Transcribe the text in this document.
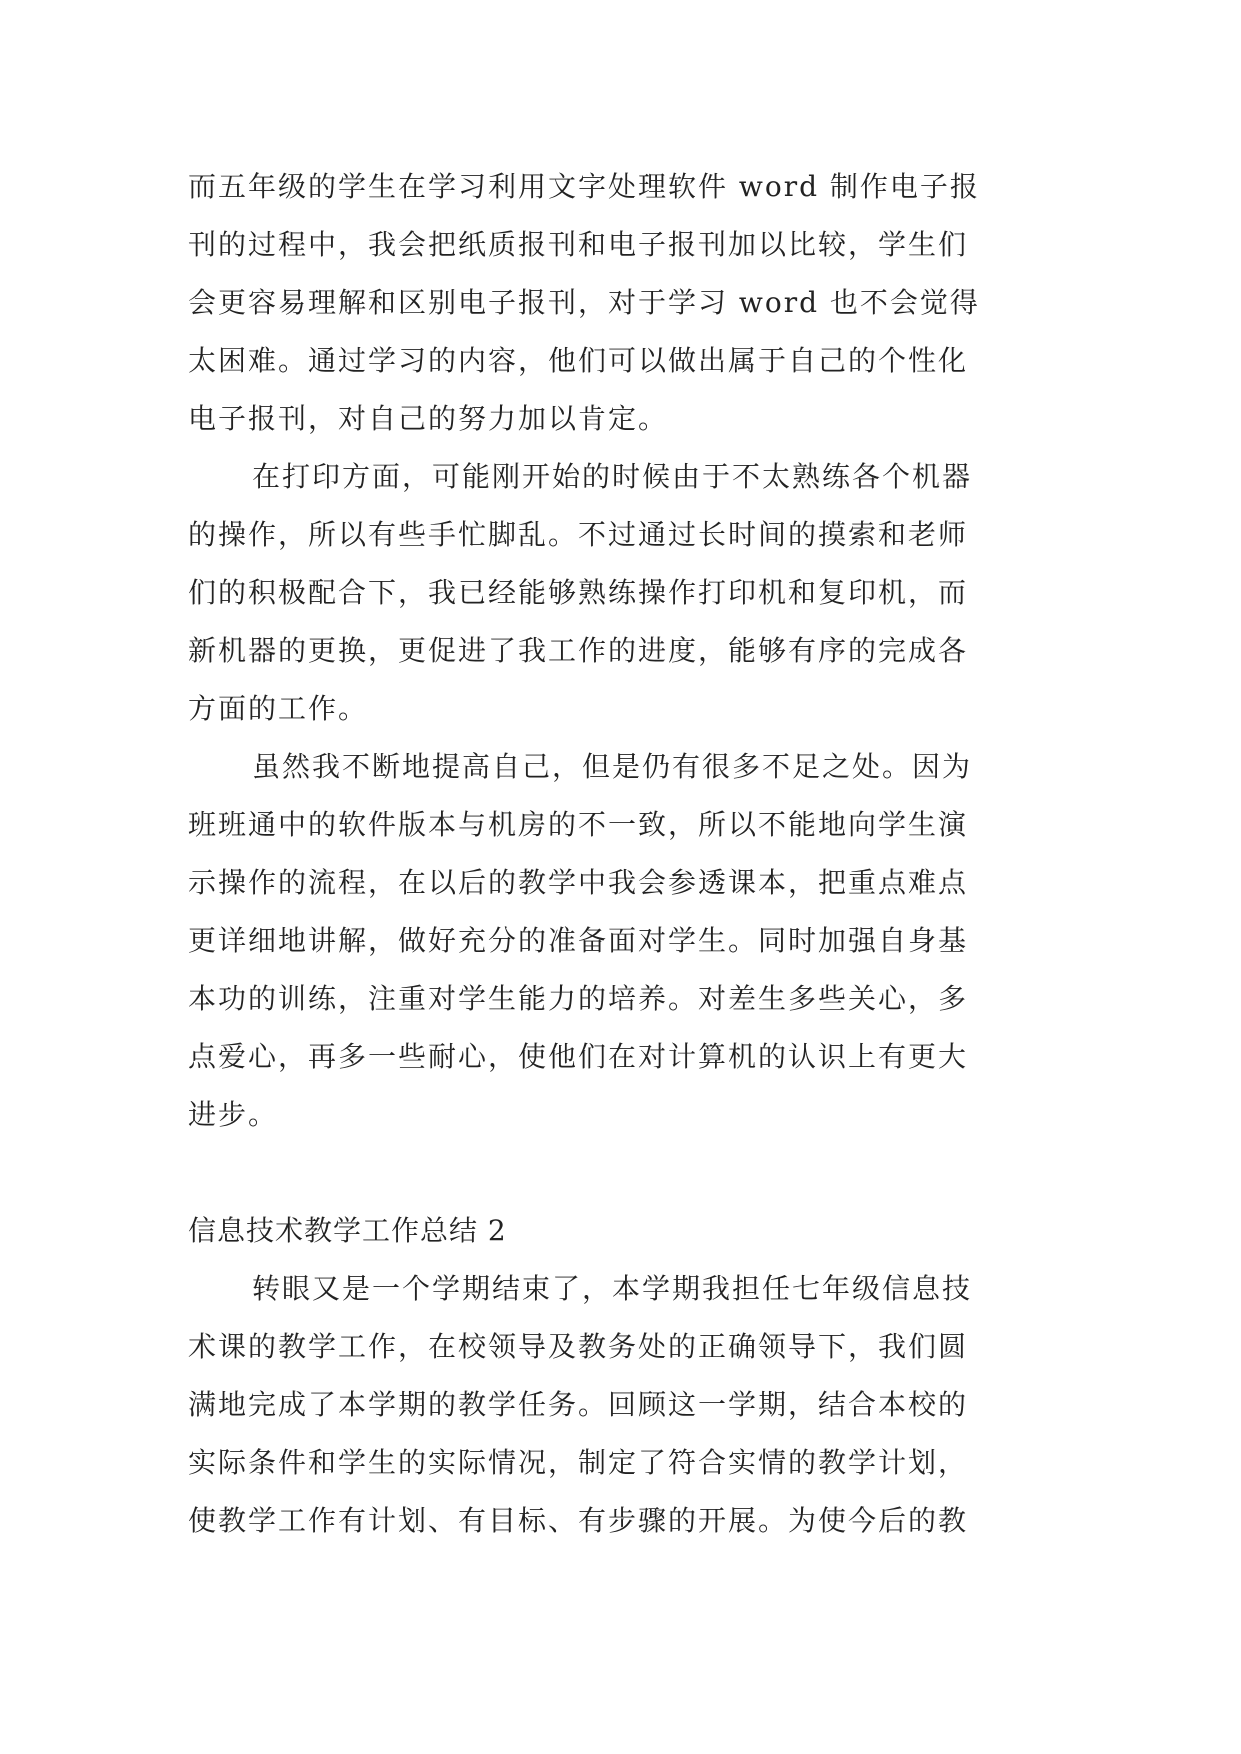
而五年级的学生在学习利用文字处理软件 word 制作电子报
刊的过程中，我会把纸质报刊和电子报刊加以比较，学生们
会更容易理解和区别电子报刊，对于学习 word 也不会觉得
太困难。通过学习的内容，他们可以做出属于自己的个性化
电子报刊，对自己的努力加以肯定。
在打印方面，可能刚开始的时候由于不太熟练各个机器
的操作，所以有些手忙脚乱。不过通过长时间的摸索和老师
们的积极配合下，我已经能够熟练操作打印机和复印机，而
新机器的更换，更促进了我工作的进度，能够有序的完成各
方面的工作。
虽然我不断地提高自己，但是仍有很多不足之处。因为
班班通中的软件版本与机房的不一致，所以不能地向学生演
示操作的流程，在以后的教学中我会参透课本，把重点难点
更详细地讲解，做好充分的准备面对学生。同时加强自身基
本功的训练，注重对学生能力的培养。对差生多些关心，多
点爱心，再多一些耐心，使他们在对计算机的认识上有更大
进步。
信息技术教学工作总结 2
转眼又是一个学期结束了，本学期我担任七年级信息技
术课的教学工作，在校领导及教务处的正确领导下，我们圆
满地完成了本学期的教学任务。回顾这一学期，结合本校的
实际条件和学生的实际情况，制定了符合实情的教学计划，
使教学工作有计划、有目标、有步骤的开展。为使今后的教
